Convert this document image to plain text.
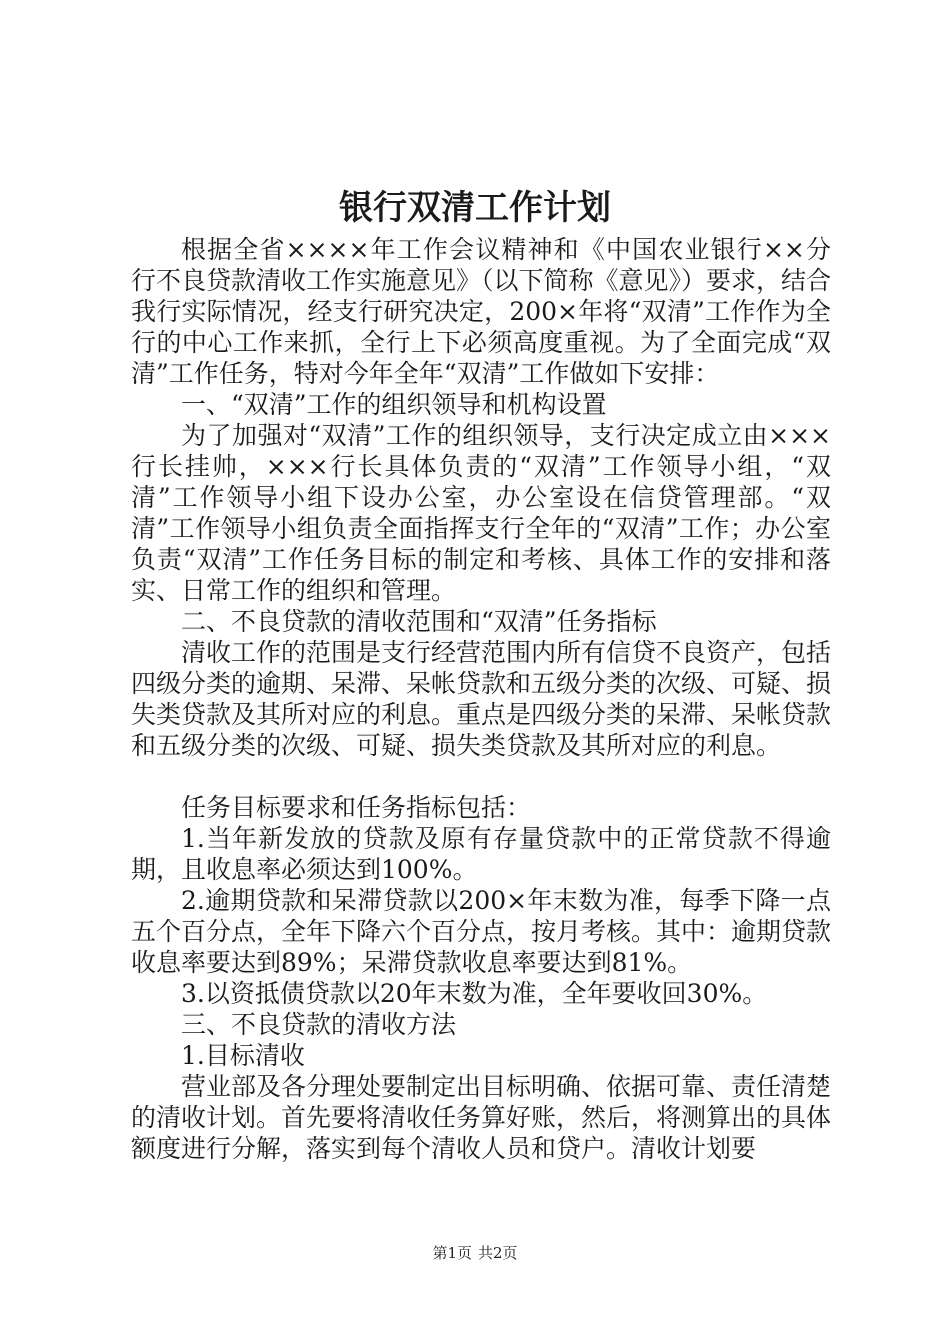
银行双清工作计划

根据全省××××年工作会议精神和《中国农业银行××分行不良贷款清收工作实施意见》（以下简称《意见》）要求，结合我行实际情况，经支行研究决定，200×年将“双清”工作作为全行的中心工作来抓，全行上下必须高度重视。为了全面完成“双清”工作任务，特对今年全年“双清”工作做如下安排：

一、“双清”工作的组织领导和机构设置

为了加强对“双清”工作的组织领导，支行决定成立由×××行长挂帅，×××行长具体负责的“双清”工作领导小组，“双清”工作领导小组下设办公室，办公室设在信贷管理部。“双清”工作领导小组负责全面指挥支行全年的“双清”工作；办公室负责“双清”工作任务目标的制定和考核、具体工作的安排和落实、日常工作的组织和管理。

二、不良贷款的清收范围和“双清”任务指标

清收工作的范围是支行经营范围内所有信贷不良资产，包括四级分类的逾期、呆滞、呆帐贷款和五级分类的次级、可疑、损失类贷款及其所对应的利息。重点是四级分类的呆滞、呆帐贷款和五级分类的次级、可疑、损失类贷款及其所对应的利息。

任务目标要求和任务指标包括：

1.当年新发放的贷款及原有存量贷款中的正常贷款不得逾期，且收息率必须达到100%。

2.逾期贷款和呆滞贷款以200×年末数为准，每季下降一点五个百分点，全年下降六个百分点，按月考核。其中：逾期贷款收息率要达到89%；呆滞贷款收息率要达到81%。

3.以资抵债贷款以20年末数为准，全年要收回30%。

三、不良贷款的清收方法

1.目标清收

营业部及各分理处要制定出目标明确、依据可靠、责任清楚的清收计划。首先要将清收任务算好账，然后，将测算出的具体额度进行分解，落实到每个清收人员和贷户。清收计划要

第1页 共2页
